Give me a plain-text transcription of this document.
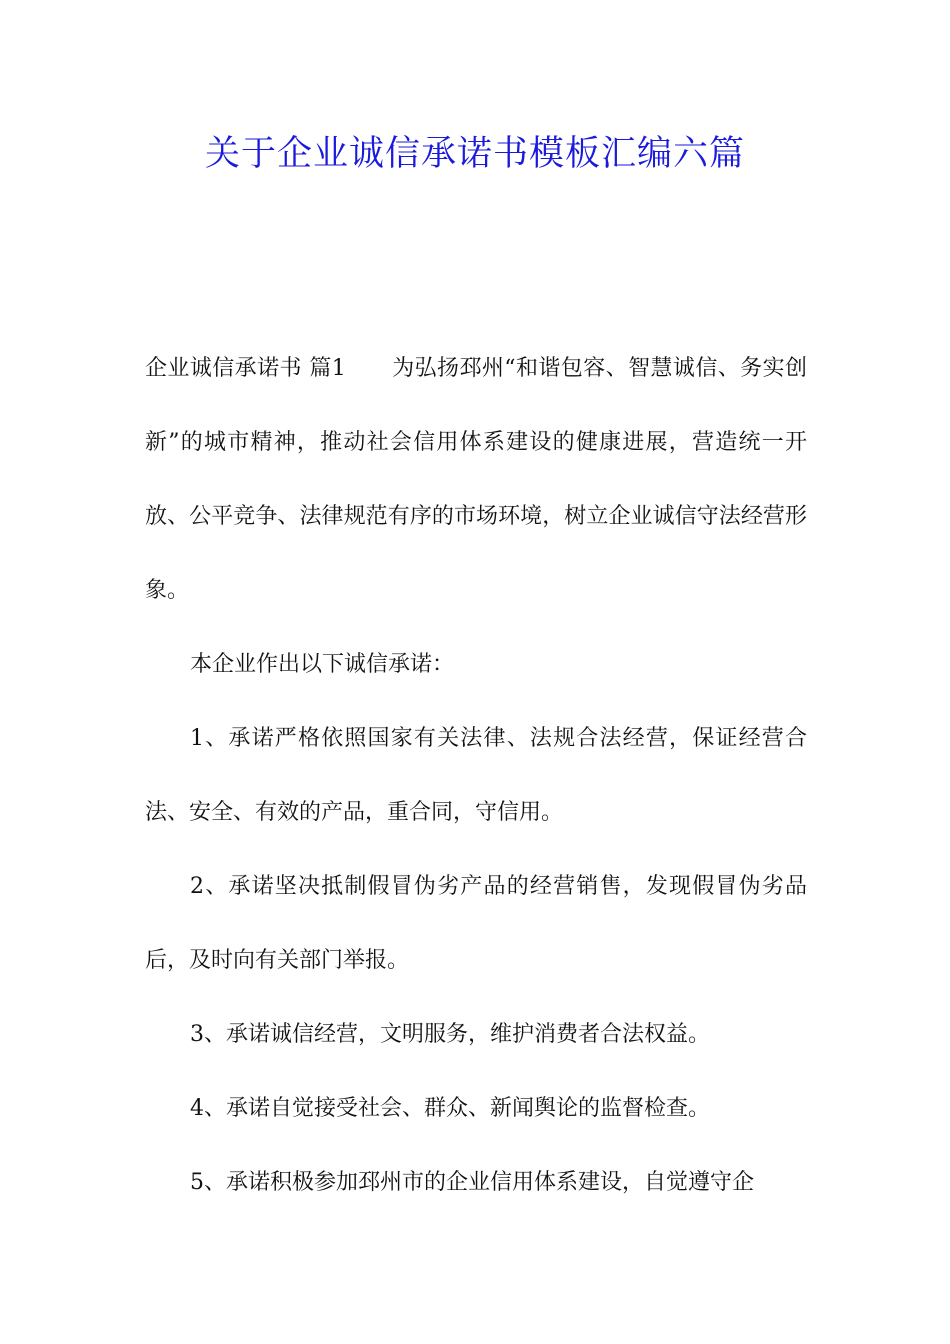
关于企业诚信承诺书模板汇编六篇

企业诚信承诺书 篇1 为弘扬邳州“和谐包容、智慧诚信、务实创新”的城市精神，推动社会信用体系建设的健康进展，营造统一开放、公平竞争、法律规范有序的市场环境，树立企业诚信守法经营形象。

本企业作出以下诚信承诺：

1、承诺严格依照国家有关法律、法规合法经营，保证经营合法、安全、有效的产品，重合同，守信用。

2、承诺坚决抵制假冒伪劣产品的经营销售，发现假冒伪劣品后，及时向有关部门举报。

3、承诺诚信经营，文明服务，维护消费者合法权益。

4、承诺自觉接受社会、群众、新闻舆论的监督检查。

5、承诺积极参加邳州市的企业信用体系建设，自觉遵守企
